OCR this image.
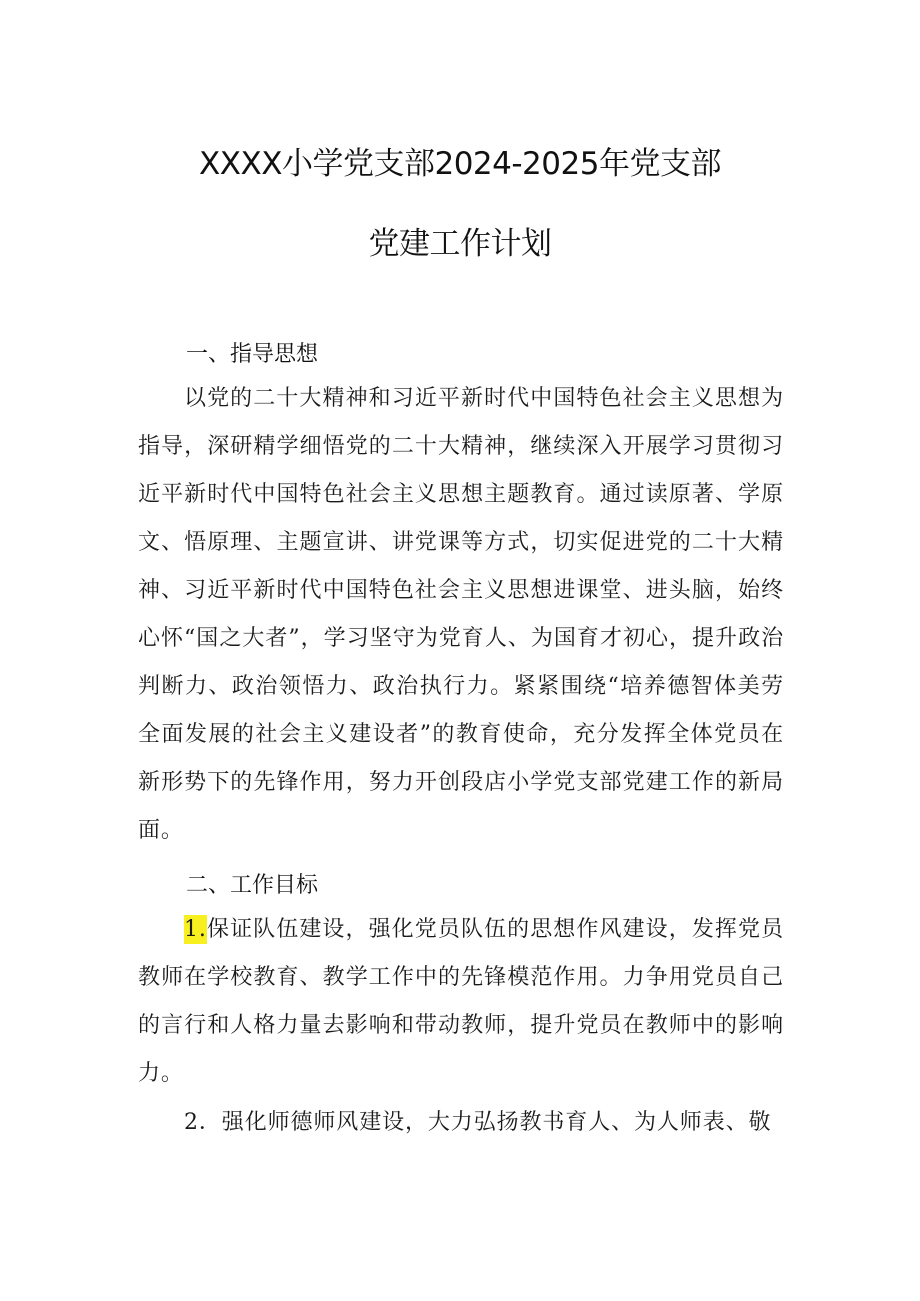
XXXX小学党支部2024-2025年党支部
党建工作计划
一、指导思想

以党的二十大精神和习近平新时代中国特色社会主义思想为指导，深研精学细悟党的二十大精神，继续深入开展学习贯彻习近平新时代中国特色社会主义思想主题教育。通过读原著、学原文、悟原理、主题宣讲、讲党课等方式，切实促进党的二十大精神、习近平新时代中国特色社会主义思想进课堂、进头脑，始终心怀“国之大者”，学习坚守为党育人、为国育才初心，提升政治判断力、政治领悟力、政治执行力。紧紧围绕“培养德智体美劳全面发展的社会主义建设者”的教育使命，充分发挥全体党员在新形势下的先锋作用，努力开创段店小学党支部党建工作的新局面。

二、工作目标

1.保证队伍建设，强化党员队伍的思想作风建设，发挥党员教师在学校教育、教学工作中的先锋模范作用。力争用党员自己的言行和人格力量去影响和带动教师，提升党员在教师中的影响力。

2．强化师德师风建设，大力弘扬教书育人、为人师表、敬
